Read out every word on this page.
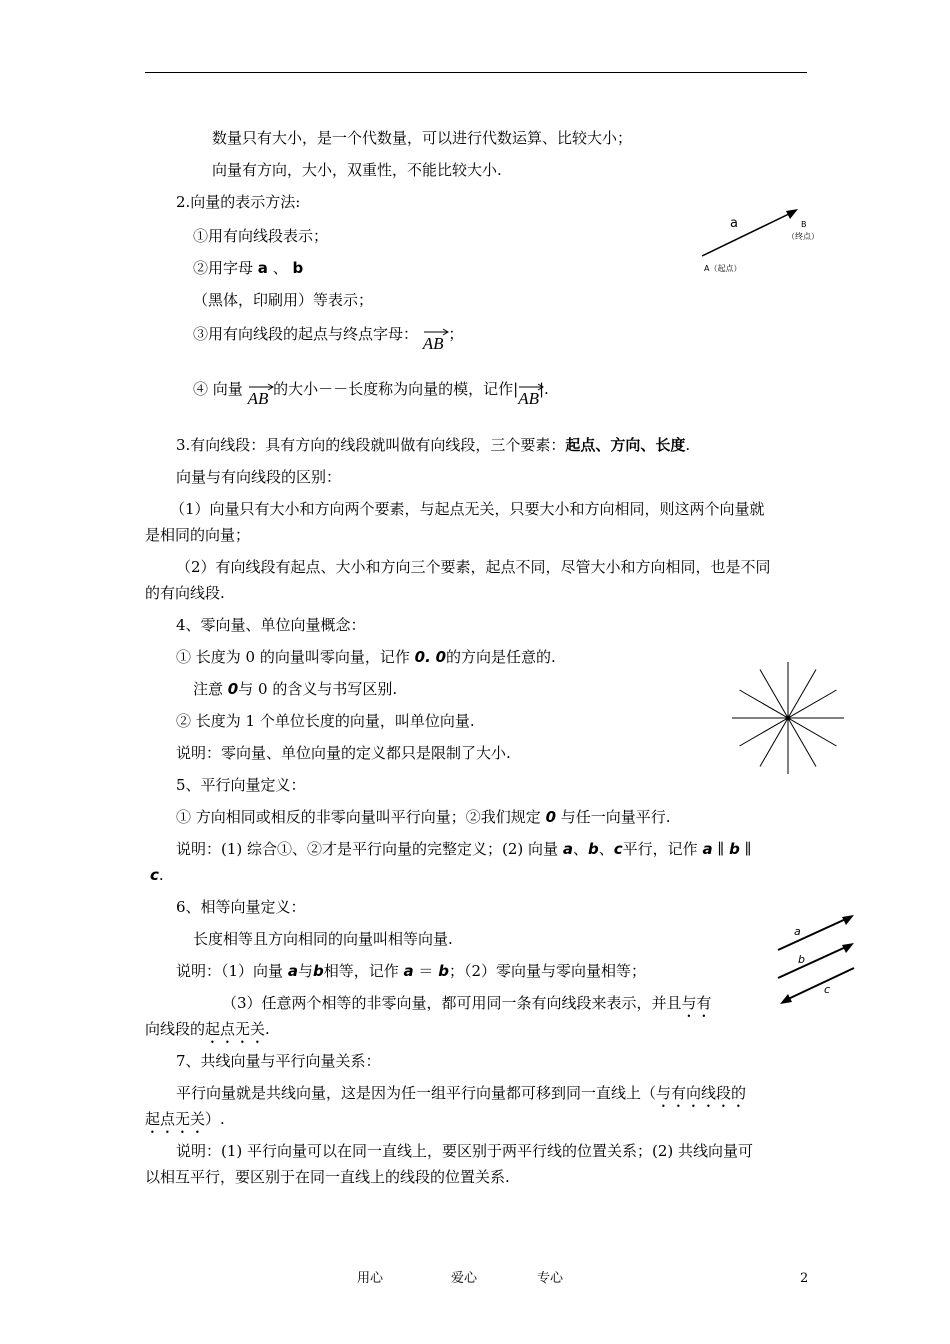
数量只有大小，是一个代数量，可以进行代数运算、比较大小；
向量有方向，大小，双重性，不能比较大小.
2.向量的表示方法:
①用有向线段表示；
②用字母 a 、 b
（黑体，印刷用）等表示；
③用有向线段的起点与终点字母： AB ；
④ 向量 AB 的大小－－长度称为向量的模，记作|
AB|.
3.有向线段：具有方向的线段就叫做有向线段，三个要素：起点、方向、长度.
向量与有向线段的区别：
（1）向量只有大小和方向两个要素，与起点无关，只要大小和方向相同，则这两个向量就
是相同的向量；
（2）有向线段有起点、大小和方向三个要素，起点不同，尽管大小和方向相同，也是不同
的有向线段.
4、零向量、单位向量概念：
① 长度为 0 的向量叫零向量，记作 0. 0的方向是任意的.
注意 0与 0 的含义与书写区别.
② 长度为 1 个单位长度的向量，叫单位向量.
说明：零向量、单位向量的定义都只是限制了大小.
5、平行向量定义：
① 方向相同或相反的非零向量叫平行向量；②我们规定 0 与任一向量平行.
说明：(1) 综合①、②才是平行向量的完整定义；(2) 向量 a、b、c平行，记作 a ∥ b ∥
c.
6、相等向量定义：
长度相等且方向相同的向量叫相等向量.
说明：（1）向量 a与b相等，记作 a ＝ b；（2）零向量与零向量相等；
（3）任意两个相等的非零向量，都可用同一条有向线段来表示，并且与有
向线段的起点无关.
7、共线向量与平行向量关系：
平行向量就是共线向量，这是因为任一组平行向量都可移到同一直线上（与有向线段的
起点无关）.
说明：(1) 平行向量可以在同一直线上，要区别于两平行线的位置关系；(2) 共线向量可
以相互平行，要区别于在同一直线上的线段的位置关系.
a	B
（终点）
A（起点）
a
b
c
用心	爱心	专心	2
